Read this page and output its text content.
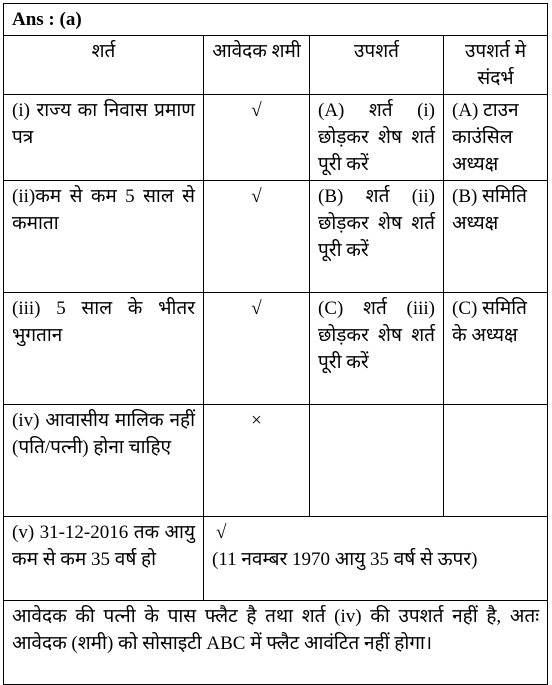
Ans : (a)			
शर्त	आवेदक शमी	उपशर्त	उपशर्त मे संदर्भ
(i) राज्य का निवास प्रमाण पत्र	√	(A) शर्त (i) छोड़कर शेष शर्त पूरी करें	(A) टाउन काउंसिल अध्यक्ष
(ii)कम से कम 5 साल से कमाता	√	(B) शर्त (ii) छोड़कर शेष शर्त पूरी करें	(B) समिति अध्यक्ष
(iii) 5 साल के भीतर भुगतान	√	(C) शर्त (iii) छोड़कर शेष शर्त पूरी करें	(C) समिति के अध्यक्ष
(iv) आवासीय मालिक नहीं (पति/पत्नी) होना चाहिए	×		
(v) 31-12-2016 तक आयु कम से कम 35 वर्ष हो	√
(11 नवम्बर 1970 आयु 35 वर्ष से ऊपर)		

आवेदक की पत्नी के पास फ्लैट है तथा शर्त (iv) की उपशर्त नहीं है, अतः आवेदक (शमी) को सोसाइटी ABC में फ्लैट आवंटित नहीं होगा।			
